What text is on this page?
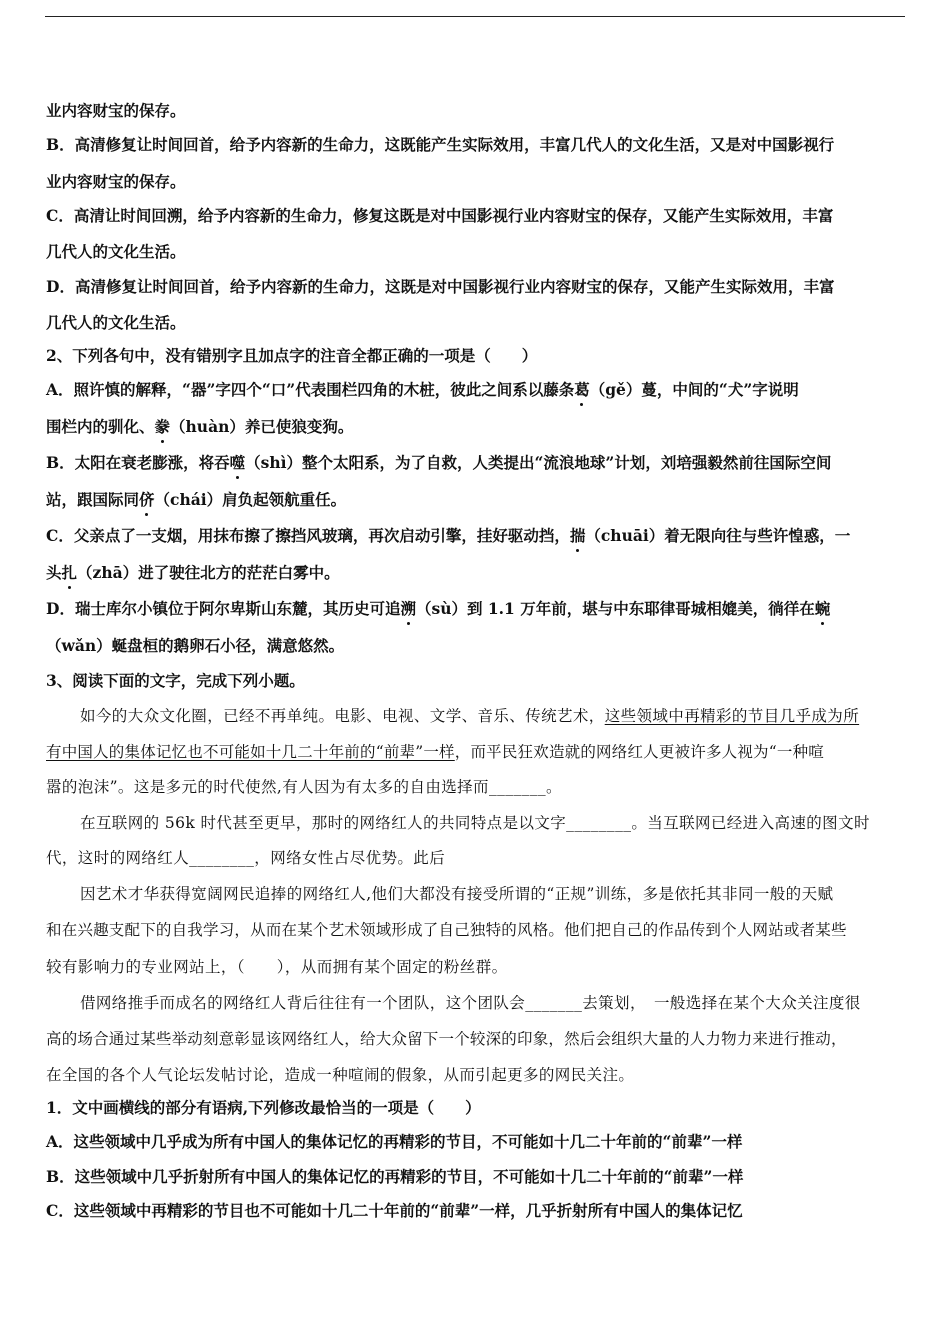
业内容财宝的保存。
B．高清修复让时间回首，给予内容新的生命力，这既能产生实际效用，丰富几代人的文化生活，又是对中国影视行
业内容财宝的保存。
C．高清让时间回溯，给予内容新的生命力，修复这既是对中国影视行业内容财宝的保存，又能产生实际效用，丰富
几代人的文化生活。
D．高清修复让时间回首，给予内容新的生命力，这既是对中国影视行业内容财宝的保存，又能产生实际效用，丰富
几代人的文化生活。
2、下列各句中，没有错别字且加点字的注音全都正确的一项是（　　）
A．照许慎的解释，“器”字四个“口”代表围栏四角的木桩，彼此之间系以藤条葛（gě）蔓，中间的“犬”字说明
围栏内的驯化、豢（huàn）养已使狼变狗。
B．太阳在衰老膨涨，将吞噬（shì）整个太阳系，为了自救，人类提出“流浪地球”计划，刘培强毅然前往国际空间
站，跟国际同侪（chái）肩负起领航重任。
C．父亲点了一支烟，用抹布擦了擦挡风玻璃，再次启动引擎，挂好驱动挡，揣（chuāi）着无限向往与些许惶惑，一
头扎（zhā）进了驶往北方的茫茫白雾中。
D．瑞士库尔小镇位于阿尔卑斯山东麓，其历史可追溯（sù）到 1.1 万年前，堪与中东耶律哥城相媲美，徜徉在蜿
（wǎn）蜒盘桓的鹅卵石小径，满意悠然。
3、阅读下面的文字，完成下列小题。
如今的大众文化圈，已经不再单纯。电影、电视、文学、音乐、传统艺术，这些领域中再精彩的节目几乎成为所
有中国人的集体记忆也不可能如十几二十年前的“前辈”一样，而平民狂欢造就的网络红人更被许多人视为“一种喧
嚣的泡沫”。这是多元的时代使然,有人因为有太多的自由选择而_______。
在互联网的 56k 时代甚至更早，那时的网络红人的共同特点是以文字________。当互联网已经进入高速的图文时
代，这时的网络红人________，网络女性占尽优势。此后
因艺术才华获得宽阔网民追捧的网络红人,他们大都没有接受所谓的“正规”训练，多是依托其非同一般的天赋
和在兴趣支配下的自我学习，从而在某个艺术领域形成了自己独特的风格。他们把自己的作品传到个人网站或者某些
较有影响力的专业网站上，（　　），从而拥有某个固定的粉丝群。
借网络推手而成名的网络红人背后往往有一个团队，这个团队会_______去策划，　一般选择在某个大众关注度很
高的场合通过某些举动刻意彰显该网络红人，给大众留下一个较深的印象，然后会组织大量的人力物力来进行推动，
在全国的各个人气论坛发帖讨论，造成一种喧闹的假象，从而引起更多的网民关注。
1．文中画横线的部分有语病,下列修改最恰当的一项是（　　）
A．这些领域中几乎成为所有中国人的集体记忆的再精彩的节目，不可能如十几二十年前的“前辈”一样
B．这些领域中几乎折射所有中国人的集体记忆的再精彩的节目，不可能如十几二十年前的“前辈”一样
C．这些领域中再精彩的节目也不可能如十几二十年前的“前辈”一样，几乎折射所有中国人的集体记忆
